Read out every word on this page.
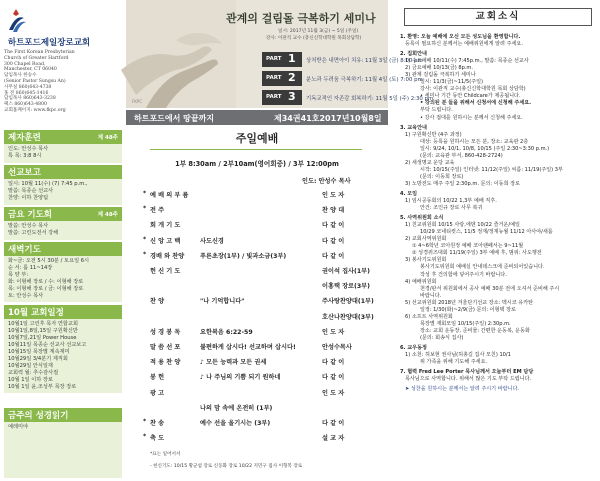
하트포드제일장로교회
The First Korean Presbyterian
Church of Greater Hartford
300 Chapel Road,
Manchester, CT 06040
담임목사 한승수
(Senior Pastor Sungsu An)
사무실 860)643-4738
홈 전 860)645-1416
담임목사 860)643-3238
팩스 860)643-4800
교회홈페이지: www.fkpc.org
제자훈련	제 48주
인도: 안성수 목사
특 목: 3:8 8시
선교보고
일시: 10월 11(수) (7) 7:45 p.m.,
말씀: 목종순 선교사
찬양: 이하 찬양팀
금요 기도회	제 48주
말씀: 안성수 목사
말씀: 고린도전서 강해
새벽기도
화~금: 오전 5시 30분 / 토요일 6시
순 서: 롬 11~14장
목 양 부:
화: 이형해 장로 / 수: 이형해 장로
목: 이형해 장로 / 금: 이형해 장로
토: 안성수 목사
10월 교회일정
10월1일 고린후 목자 연합교회
10월1일,8일,15일 구원확신반
10월7일,21일 Power House
10월11일 목종순 선교사 선교보고
10월15일 목장별 계속재미
10월29일 3/4분기 제직회
10월29일 안식일재
교회력 월: 추수감사절
10월 1일 이하 장로
10월 1일 윤,조성부 목장 장로
금주의 성경읽기
예레미야
관계의 걸림돌 극복하기 세미나
일시: 2017년 11월 3(금) ~ 5일 (주일)
강사: 이관직 교수 (총신신학대학원 목회상담학)
PART 1 상처받은 내면아이 치유: 11월 3일 (금) 8:00 pm
PART 2 분노과 두려움 극복하기: 11월 4일 (토) 7:00 pm
PART 3 기독교적인 자존감 회복하기: 11월 5일 (주) 2:30 pm
FKPC
하트포드에서 땅끝까지	제34권41호2017년10월8일
주일예배
1부 8:30am / 2부10am(영어회중) / 3부 12:00pm
인도: 안성수 목사
* 예 배 의 부 름	인 도 자
* 전 주	찬 양 대
회 개 기 도	다 같 이
* 신 앙 고 백	사도신경	다 같 이
* 경배 와 찬양	푸른초장(1부) / 빛과소금(3부)	다 같 이
헌 신 기 도	권이석 집사(1부)
이홍택 장로(3부)
찬 양	"나 기억합니다"	주사랑찬양대(1부)
호산나찬양대(3부)
성 경 봉 독	요한복음 6:22-59	인 도 자
말 씀 선 포	불편하게 삽시다! 선교하며 삽시다!	안성수목사
적 용 찬 양	♪ 모든 능력과 모든 권세	다 같 이
봉 헌	♪ 나 주님의 기쁨 되기 원하네	다 같 이
광 고	인 도 자
나의 맘 속에 온전히 (1부)
* 찬 송	예수 선을 올기시는 (3부)	다 같 이
* 축 도	설 교 자
*표는 일어서서
- 헌신기도: 10/15 황군섭 장로 신동화 장로 10/22 지민구 집사 이형복 장로
교회소식
1. 환영: 오늘 예배에 오신 모든 성도님을 환영합니다.
등록이 필요하신 분께서는 예배위원에게 알려 주세요.
2. 집회안내
1) 수요예배 10/11(수) 7:45p.m., 말씀: 목종순 선교사
2) 금요예배 10/13(금) 8p.m.
3) 관계 걸림돌 극복하기 세미나
일시: 11/3(금)~11/5(주일)
강사: 이관직 교수(총신신학대학원 목회 상담학)
• 세미나 기간 동안 Childcare가 제공됩니다.
• 강의된 분 들을 위해서 신청서에 신청해 주세요.
부탁 드립니다.
• 강사 접대를 원하시는 분께서 신청해 주세요.
3. 교육안내
1) 구원확신반 (4주 과정)
대상: 등록을 원하시는 모든 분, 장소: 교육관 2층
일시: 9/24, 10/1, 10/8, 10/15 (주일 2:30~3:30 p.m.)
(문의: 교육관 부서, 860-428-2724)
2) 새생명교 운당 교육
시작: 10/15(주일) 인터넷: 11/12(주일) 씨름: 11/19(주일) 3부
(문의: 이동희 장로)
3) 노방전도 매주 주일 2:30p.m. 문의: 이동희 장로
4. 모임
1) 임시공동회의 10/22 1,3부 예배 직후.
안건: 조인규 장로 사무 복귀
5. 사역위원회 소식
1) 친교위원회 10/15 사랑,에덴 10/22 즐거운/예일
10/29 코네티컷스, 11/5 정재/정재뉴월 11/12 아사야/새롬
2) 교회사역위원회
① 4~6학년 코아원정 예배 코아팬페서는 9~11월
② 성경퀴즈대회 11/19(주일) 3부 예배 후, 범위: 사도행전
3) 봉사기도위원회
봉사기도위원회 예배실 안내데스크에 준비되어있습니다.
작성 후 건의함에 넣어주시기 바랍니다.
4) 예배위원회
천경/판서 위원회에서 공사 예배 30분 전에 오셔서 준비해 주시
바랍니다.
5) 선교위원회 2018년 겨울단기선교 장소: 멕시코 유카탄
일정: 1/30(화)~2/9(금) 문의: 이형택 장로
6) 소프트 사역위원회
목장별 재회모임 10/15(주일) 2:30p.m.
장소: 교회 운동장, 준비물: 간편한 운동복, 운동화
(문의: 회송식 집사)
6. 교우동정
1) 소천: 허보현 권사님(허총길 집사 모친) 10/1
위 가족을 위해 기도해 주세요.
7. 협력 Fred Lee Porter 목사님께서 오늘부터 EM 담당
목사님으로 사역합니다. 위해서 많은 기도 부탁 드립니다.
➤ 성찬을 원하시는 분께서는 알려 주시기 바랍니다.
